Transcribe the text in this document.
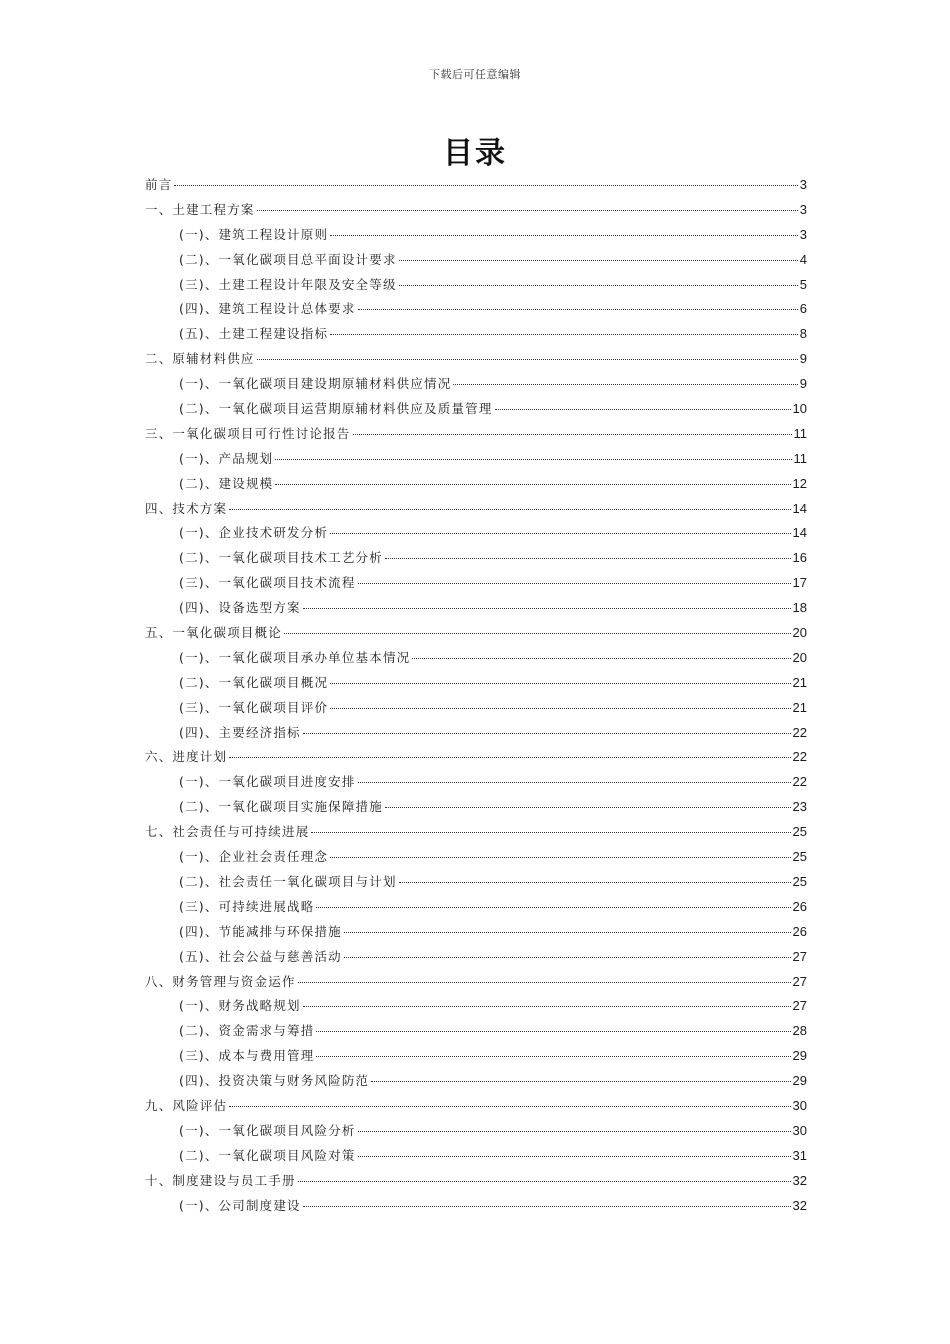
下载后可任意编辑
目录
前言	3
一、土建工程方案	3
(一)、建筑工程设计原则	3
(二)、一氧化碳项目总平面设计要求	4
(三)、土建工程设计年限及安全等级	5
(四)、建筑工程设计总体要求	6
(五)、土建工程建设指标	8
二、原辅材料供应	9
(一)、一氧化碳项目建设期原辅材料供应情况	9
(二)、一氧化碳项目运营期原辅材料供应及质量管理	10
三、一氧化碳项目可行性讨论报告	11
(一)、产品规划	11
(二)、建设规模	12
四、技术方案	14
(一)、企业技术研发分析	14
(二)、一氧化碳项目技术工艺分析	16
(三)、一氧化碳项目技术流程	17
(四)、设备选型方案	18
五、一氧化碳项目概论	20
(一)、一氧化碳项目承办单位基本情况	20
(二)、一氧化碳项目概况	21
(三)、一氧化碳项目评价	21
(四)、主要经济指标	22
六、进度计划	22
(一)、一氧化碳项目进度安排	22
(二)、一氧化碳项目实施保障措施	23
七、社会责任与可持续进展	25
(一)、企业社会责任理念	25
(二)、社会责任一氧化碳项目与计划	25
(三)、可持续进展战略	26
(四)、节能减排与环保措施	26
(五)、社会公益与慈善活动	27
八、财务管理与资金运作	27
(一)、财务战略规划	27
(二)、资金需求与筹措	28
(三)、成本与费用管理	29
(四)、投资决策与财务风险防范	29
九、风险评估	30
(一)、一氧化碳项目风险分析	30
(二)、一氧化碳项目风险对策	31
十、制度建设与员工手册	32
(一)、公司制度建设	32
